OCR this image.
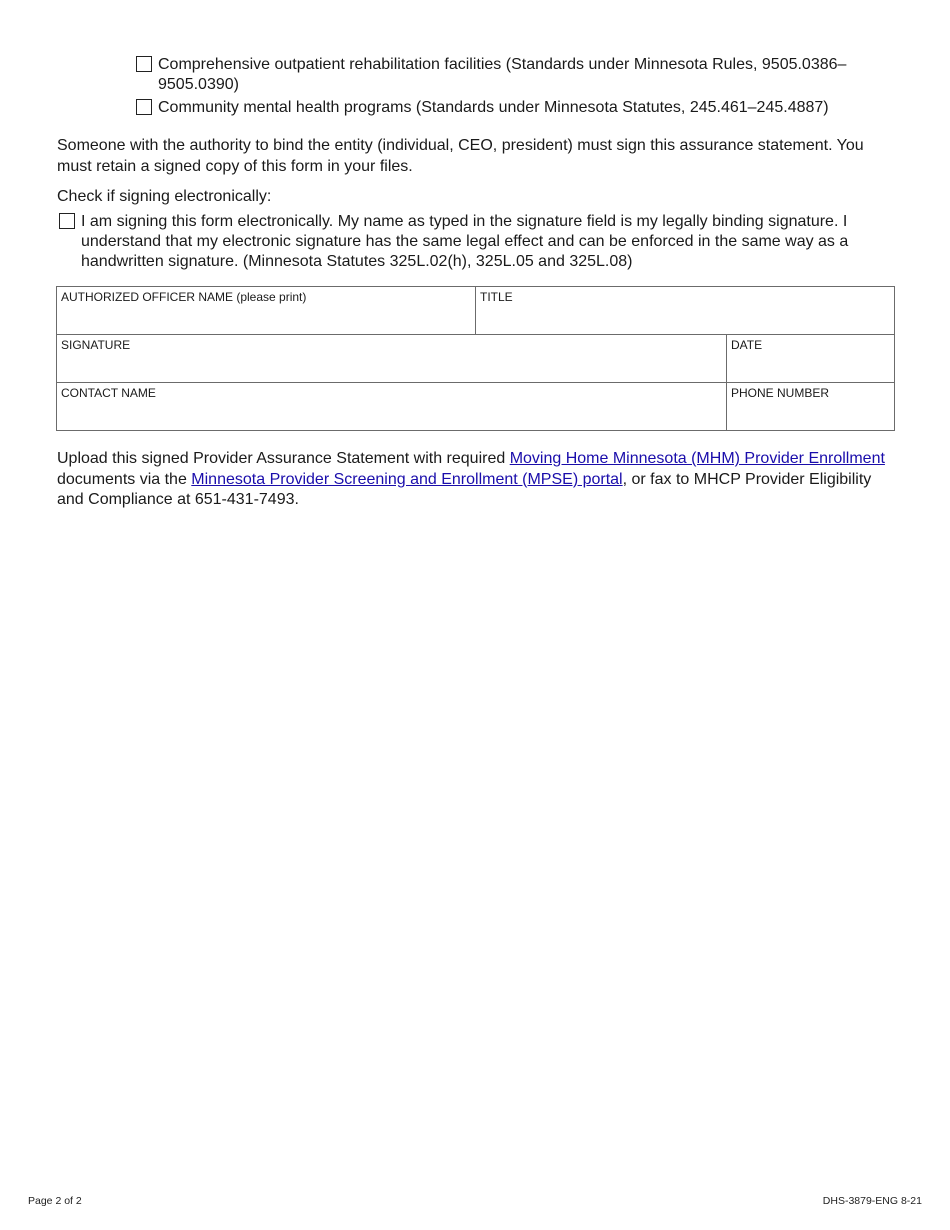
Comprehensive outpatient rehabilitation facilities (Standards under Minnesota Rules, 9505.0386–9505.0390)
Community mental health programs (Standards under Minnesota Statutes, 245.461–245.4887)
Someone with the authority to bind the entity (individual, CEO, president) must sign this assurance statement. You must retain a signed copy of this form in your files.
Check if signing electronically:
I am signing this form electronically. My name as typed in the signature field is my legally binding signature. I understand that my electronic signature has the same legal effect and can be enforced in the same way as a handwritten signature. (Minnesota Statutes 325L.02(h), 325L.05 and 325L.08)
AUTHORIZED OFFICER NAME (please print)	TITLE	
SIGNATURE		DATE
CONTACT NAME		PHONE NUMBER
Upload this signed Provider Assurance Statement with required Moving Home Minnesota (MHM) Provider Enrollment documents via the Minnesota Provider Screening and Enrollment (MPSE) portal, or fax to MHCP Provider Eligibility and Compliance at 651-431-7493.
Page 2 of 2	DHS-3879-ENG 8-21
